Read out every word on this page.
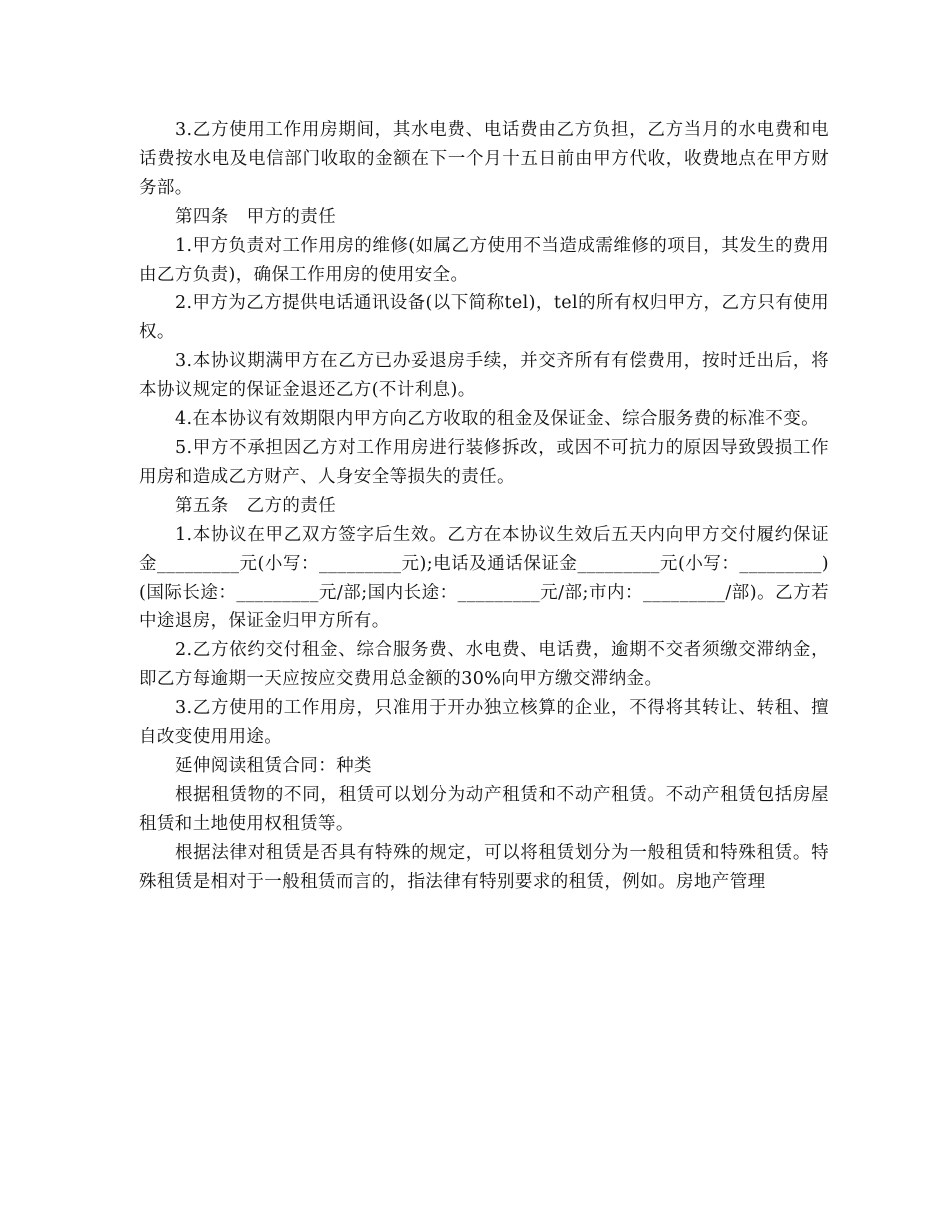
3.乙方使用工作用房期间，其水电费、电话费由乙方负担，乙方当月的水电费和电话费按水电及电信部门收取的金额在下一个月十五日前由甲方代收，收费地点在甲方财务部。

第四条　甲方的责任

1.甲方负责对工作用房的维修(如属乙方使用不当造成需维修的项目，其发生的费用由乙方负责)，确保工作用房的使用安全。

2.甲方为乙方提供电话通讯设备(以下简称tel)，tel的所有权归甲方，乙方只有使用权。

3.本协议期满甲方在乙方已办妥退房手续，并交齐所有有偿费用，按时迁出后，将本协议规定的保证金退还乙方(不计利息)。

4.在本协议有效期限内甲方向乙方收取的租金及保证金、综合服务费的标准不变。

5.甲方不承担因乙方对工作用房进行装修拆改，或因不可抗力的原因导致毁损工作用房和造成乙方财产、人身安全等损失的责任。

第五条　乙方的责任

1.本协议在甲乙双方签字后生效。乙方在本协议生效后五天内向甲方交付履约保证金_________元(小写：_________元);电话及通话保证金_________元(小写：_________)(国际长途：_________元/部;国内长途：_________元/部;市内：_________/部)。乙方若中途退房，保证金归甲方所有。

2.乙方依约交付租金、综合服务费、水电费、电话费，逾期不交者须缴交滞纳金，即乙方每逾期一天应按应交费用总金额的30%向甲方缴交滞纳金。

3.乙方使用的工作用房，只准用于开办独立核算的企业，不得将其转让、转租、擅自改变使用用途。

延伸阅读租赁合同：种类

根据租赁物的不同，租赁可以划分为动产租赁和不动产租赁。不动产租赁包括房屋租赁和土地使用权租赁等。

根据法律对租赁是否具有特殊的规定，可以将租赁划分为一般租赁和特殊租赁。特殊租赁是相对于一般租赁而言的，指法律有特别要求的租赁，例如。房地产管理
